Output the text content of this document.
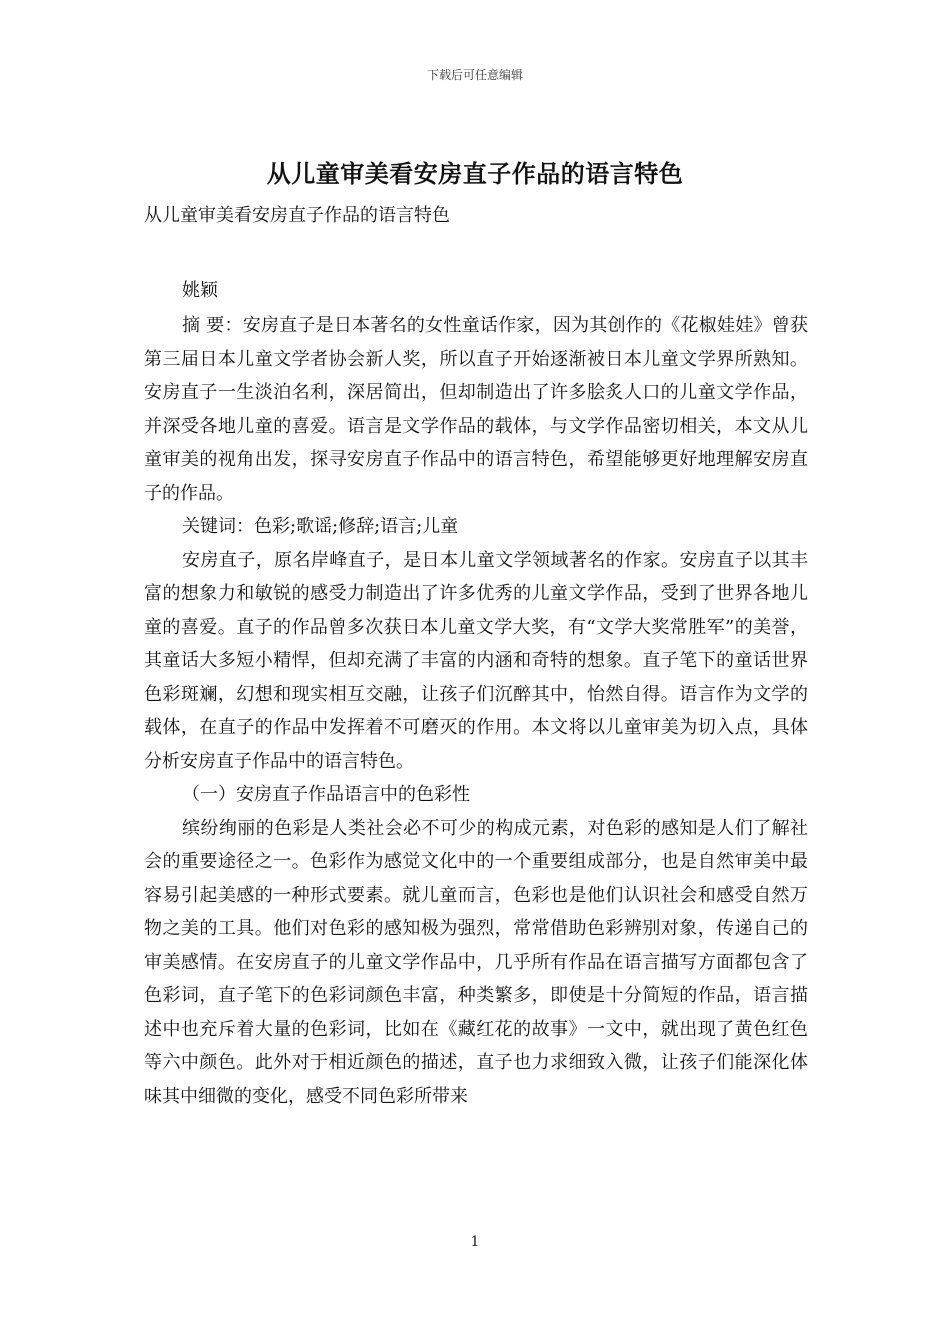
下载后可任意编辑
从儿童审美看安房直子作品的语言特色
从儿童审美看安房直子作品的语言特色
姚颖

摘 要：安房直子是日本著名的女性童话作家，因为其创作的《花椒娃娃》曾获第三届日本儿童文学者协会新人奖，所以直子开始逐渐被日本儿童文学界所熟知。安房直子一生淡泊名利，深居简出，但却制造出了许多脍炙人口的儿童文学作品，并深受各地儿童的喜爱。语言是文学作品的载体，与文学作品密切相关，本文从儿童审美的视角出发，探寻安房直子作品中的语言特色，希望能够更好地理解安房直子的作品。

关键词：色彩;歌谣;修辞;语言;儿童

安房直子，原名岸峰直子，是日本儿童文学领域著名的作家。安房直子以其丰富的想象力和敏锐的感受力制造出了许多优秀的儿童文学作品，受到了世界各地儿童的喜爱。直子的作品曾多次获日本儿童文学大奖，有“文学大奖常胜军”的美誉，其童话大多短小精悍，但却充满了丰富的内涵和奇特的想象。直子笔下的童话世界色彩斑斓，幻想和现实相互交融，让孩子们沉醉其中，怡然自得。语言作为文学的载体，在直子的作品中发挥着不可磨灭的作用。本文将以儿童审美为切入点，具体分析安房直子作品中的语言特色。

（一）安房直子作品语言中的色彩性

缤纷绚丽的色彩是人类社会必不可少的构成元素，对色彩的感知是人们了解社会的重要途径之一。色彩作为感觉文化中的一个重要组成部分，也是自然审美中最容易引起美感的一种形式要素。就儿童而言，色彩也是他们认识社会和感受自然万物之美的工具。他们对色彩的感知极为强烈，常常借助色彩辨别对象，传递自己的审美感情。在安房直子的儿童文学作品中，几乎所有作品在语言描写方面都包含了色彩词，直子笔下的色彩词颜色丰富，种类繁多，即使是十分简短的作品，语言描述中也充斥着大量的色彩词，比如在《藏红花的故事》一文中，就出现了黄色红色等六中颜色。此外对于相近颜色的描述，直子也力求细致入微，让孩子们能深化体味其中细微的变化，感受不同色彩所带来

1
